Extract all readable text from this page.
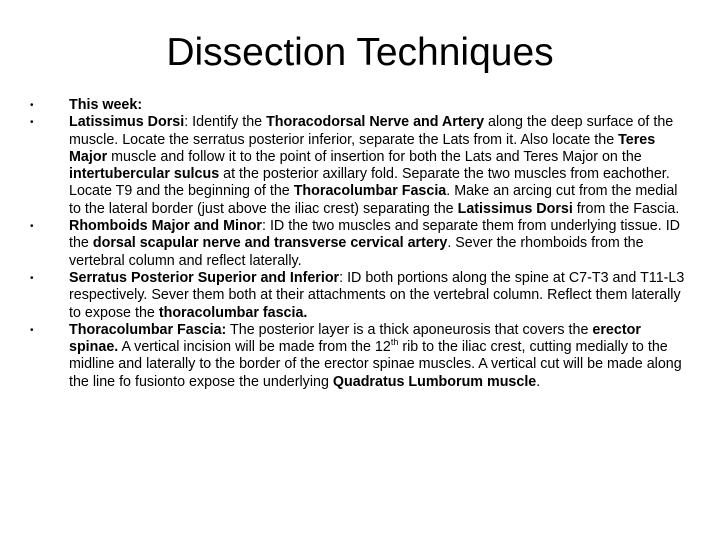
Dissection Techniques
•	This week:
•	Latissimus Dorsi: Identify the Thoracodorsal Nerve and Artery along the deep surface of the muscle. Locate the serratus posterior inferior, separate the Lats from it. Also locate the Teres Major muscle and follow it to the point of insertion for both the Lats and Teres Major on the intertubercular sulcus at the posterior axillary fold. Separate the two muscles from eachother. Locate T9 and the beginning of the Thoracolumbar Fascia. Make an arcing cut from the medial to the lateral border (just above the iliac crest) separating the Latissimus Dorsi from the Fascia.
•	Rhomboids Major and Minor: ID the two muscles and separate them from underlying tissue. ID the dorsal scapular nerve and transverse cervical artery. Sever the rhomboids from the vertebral column and reflect laterally.
•	Serratus Posterior Superior and Inferior: ID both portions along the spine at C7-T3 and T11-L3 respectively. Sever them both at their attachments on the vertebral column. Reflect them laterally to expose the thoracolumbar fascia.
•	Thoracolumbar Fascia: The posterior layer is a thick aponeurosis that covers the erector spinae. A vertical incision will be made from the 12th rib to the iliac crest, cutting medially to the midline and laterally to the border of the erector spinae muscles. A vertical cut will be made along the line fo fusionto expose the underlying Quadratus Lumborum muscle.
